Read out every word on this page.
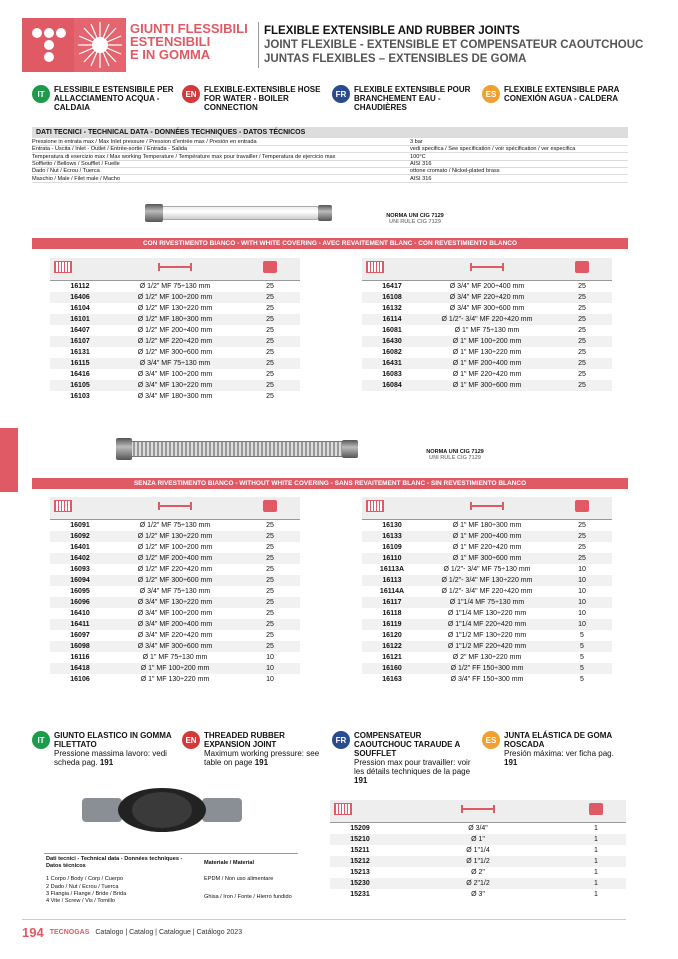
GIUNTI FLESSIBILI
ESTENSIBILI
E IN GOMMA
FLEXIBLE EXTENSIBLE AND RUBBER JOINTS
JOINT FLEXIBLE - EXTENSIBLE ET COMPENSATEUR CAOUTCHOUC
JUNTAS FLEXIBLES – EXTENSIBLES DE GOMA
IT	FLESSIBILE ESTENSIBILE PER ALLACCIAMENTO ACQUA - CALDAIA
EN FLEXIBLE-EXTENSIBLE HOSE FOR WATER - BOILER CONNECTION
FR FLEXIBLE EXTENSIBLE POUR BRANCHEMENT EAU - CHAUDIÈRES
ES FLEXIBLE EXTENSIBLE PARA CONEXIÓN AGUA - CALDERA
DATI TECNICI - TECHNICAL DATA - DONNÉES TECHNIQUES - DATOS TÉCNICOS
Pressione in entrata max / Max Inlet pressure / Pression d'entrée max / Presión en entrada	3 bar
Entrata - Uscita / Inlet - Outlet / Entrée-sortie / Entrada - Salida	vedi specifica / See specification / voir spécification / ver especifica
Temperatura di esercizio max / Max working Temperature / Température max pour travailler / Temperatura de ejercicio max	100°C
Soffietto / Bellows / Soufflet / Fuelle	AISI 316
Dado / Nut / Ecrou / Tuerca	ottone cromato / Nickel-plated brass
Maschio / Male / Filet male / Macho	AISI 316
NORMA UNI CIG 7129
UNI RULE CIG 7129
CON RIVESTIMENTO BIANCO - WITH WHITE COVERING - AVEC REVAITEMENT BLANC - CON REVESTIMIENTO BLANCO

16112	Ø 1/2" MF 75÷130 mm	25
16406	Ø 1/2" MF 100÷200 mm	25
16104	Ø 1/2" MF 130÷220 mm	25
16101	Ø 1/2" MF 180÷300 mm	25
16407	Ø 1/2" MF 200÷400 mm	25
16107	Ø 1/2" MF 220÷420 mm	25
16131	Ø 1/2" MF 300÷600 mm	25
16115	Ø 3/4" MF 75÷130 mm	25
16416	Ø 3/4" MF 100÷200 mm	25
16105	Ø 3/4" MF 130÷220 mm	25
16103	Ø 3/4" MF 180÷300 mm	25

16417	Ø 3/4" MF 200÷400 mm	25
16108	Ø 3/4" MF 220÷420 mm	25
16132	Ø 3/4" MF 300÷600 mm	25
16114	Ø 1/2"- 3/4" MF 220÷420 mm	25
16081	Ø 1" MF 75÷130 mm	25
16430	Ø 1" MF 100÷200 mm	25
16082	Ø 1" MF 130÷220 mm	25
16431	Ø 1" MF 200÷400 mm	25
16083	Ø 1" MF 220÷420 mm	25
16084	Ø 1" MF 300÷600 mm	25
NORMA UNI CIG 7129
UNI RULE CIG 7129
SENZA RIVESTIMENTO BIANCO - WITHOUT WHITE COVERING - SANS REVAITEMENT BLANC - SIN REVESTIMIENTO BLANCO

16091	Ø 1/2" MF 75÷130 mm	25
16092	Ø 1/2" MF 130÷220 mm	25
16401	Ø 1/2" MF 100÷200 mm	25
16402	Ø 1/2" MF 200÷400 mm	25
16093	Ø 1/2" MF 220÷420 mm	25
16094	Ø 1/2" MF 300÷600 mm	25
16095	Ø 3/4" MF 75÷130 mm	25
16096	Ø 3/4" MF 130÷220 mm	25
16410	Ø 3/4" MF 100÷200 mm	25
16411	Ø 3/4" MF 200÷400 mm	25
16097	Ø 3/4" MF 220÷420 mm	25
16098	Ø 3/4" MF 300÷600 mm	25
16116	Ø 1" MF 75÷130 mm	10
16418	Ø 1" MF 100÷200 mm	10
16106	Ø 1" MF 130÷220 mm	10

16130	Ø 1" MF 180÷300 mm	25
16133	Ø 1" MF 200÷400 mm	25
16109	Ø 1" MF 220÷420 mm	25
16110	Ø 1" MF 300÷600 mm	25
16113A	Ø 1/2"- 3/4" MF 75÷130 mm	10
16113	Ø 1/2"- 3/4" MF 130÷220 mm	10
16114A	Ø 1/2"- 3/4" MF 220÷420 mm	10
16117	Ø 1"1/4 MF 75÷130 mm	10
16118	Ø 1"1/4 MF 130÷220 mm	10
16119	Ø 1"1/4 MF 220÷420 mm	10
16120	Ø 1"1/2 MF 130÷220 mm	5
16122	Ø 1"1/2 MF 220÷420 mm	5
16121	Ø 2" MF 130÷220 mm	5
16160	Ø 1/2" FF 150÷300 mm	5
16163	Ø 3/4" FF 150÷300 mm	5
IT	GIUNTO ELASTICO IN GOMMA FILETTATO
Pressione massima lavoro: vedi scheda pag. 191
EN THREADED RUBBER EXPANSION JOINT
Maximum working pressure: see table on page 191
FR COMPENSATEUR CAOUTCHOUC TARAUDE A SOUFFLET
Pression max pour travailler: voir les détails techniques de la page 191
ES JUNTA ELÁSTICA DE GOMA ROSCADA
Presión máxima: ver ficha pag. 191
Dati tecnici - Technical data - Données techniques - Datos técnicos	Materiale / Material
1 Corpo / Body / Corp / Cuerpo	EPDM / Non uso alimentare
2 Dado / Nut / Ecrou / Tuerca
3 Flangia / Flange / Bride / Brida	Ghisa / Iron / Fonte / Hierro fundido
4 Vite / Screw / Vis / Tornillo

15209	Ø 3/4"	1
15210	Ø 1"	1
15211	Ø 1"1/4	1
15212	Ø 1"1/2	1
15213	Ø 2"	1
15230	Ø 2"1/2	1
15231	Ø 3"	1
194 TECNOGAS Catalogo | Catalog | Catalogue | Catálogo 2023
